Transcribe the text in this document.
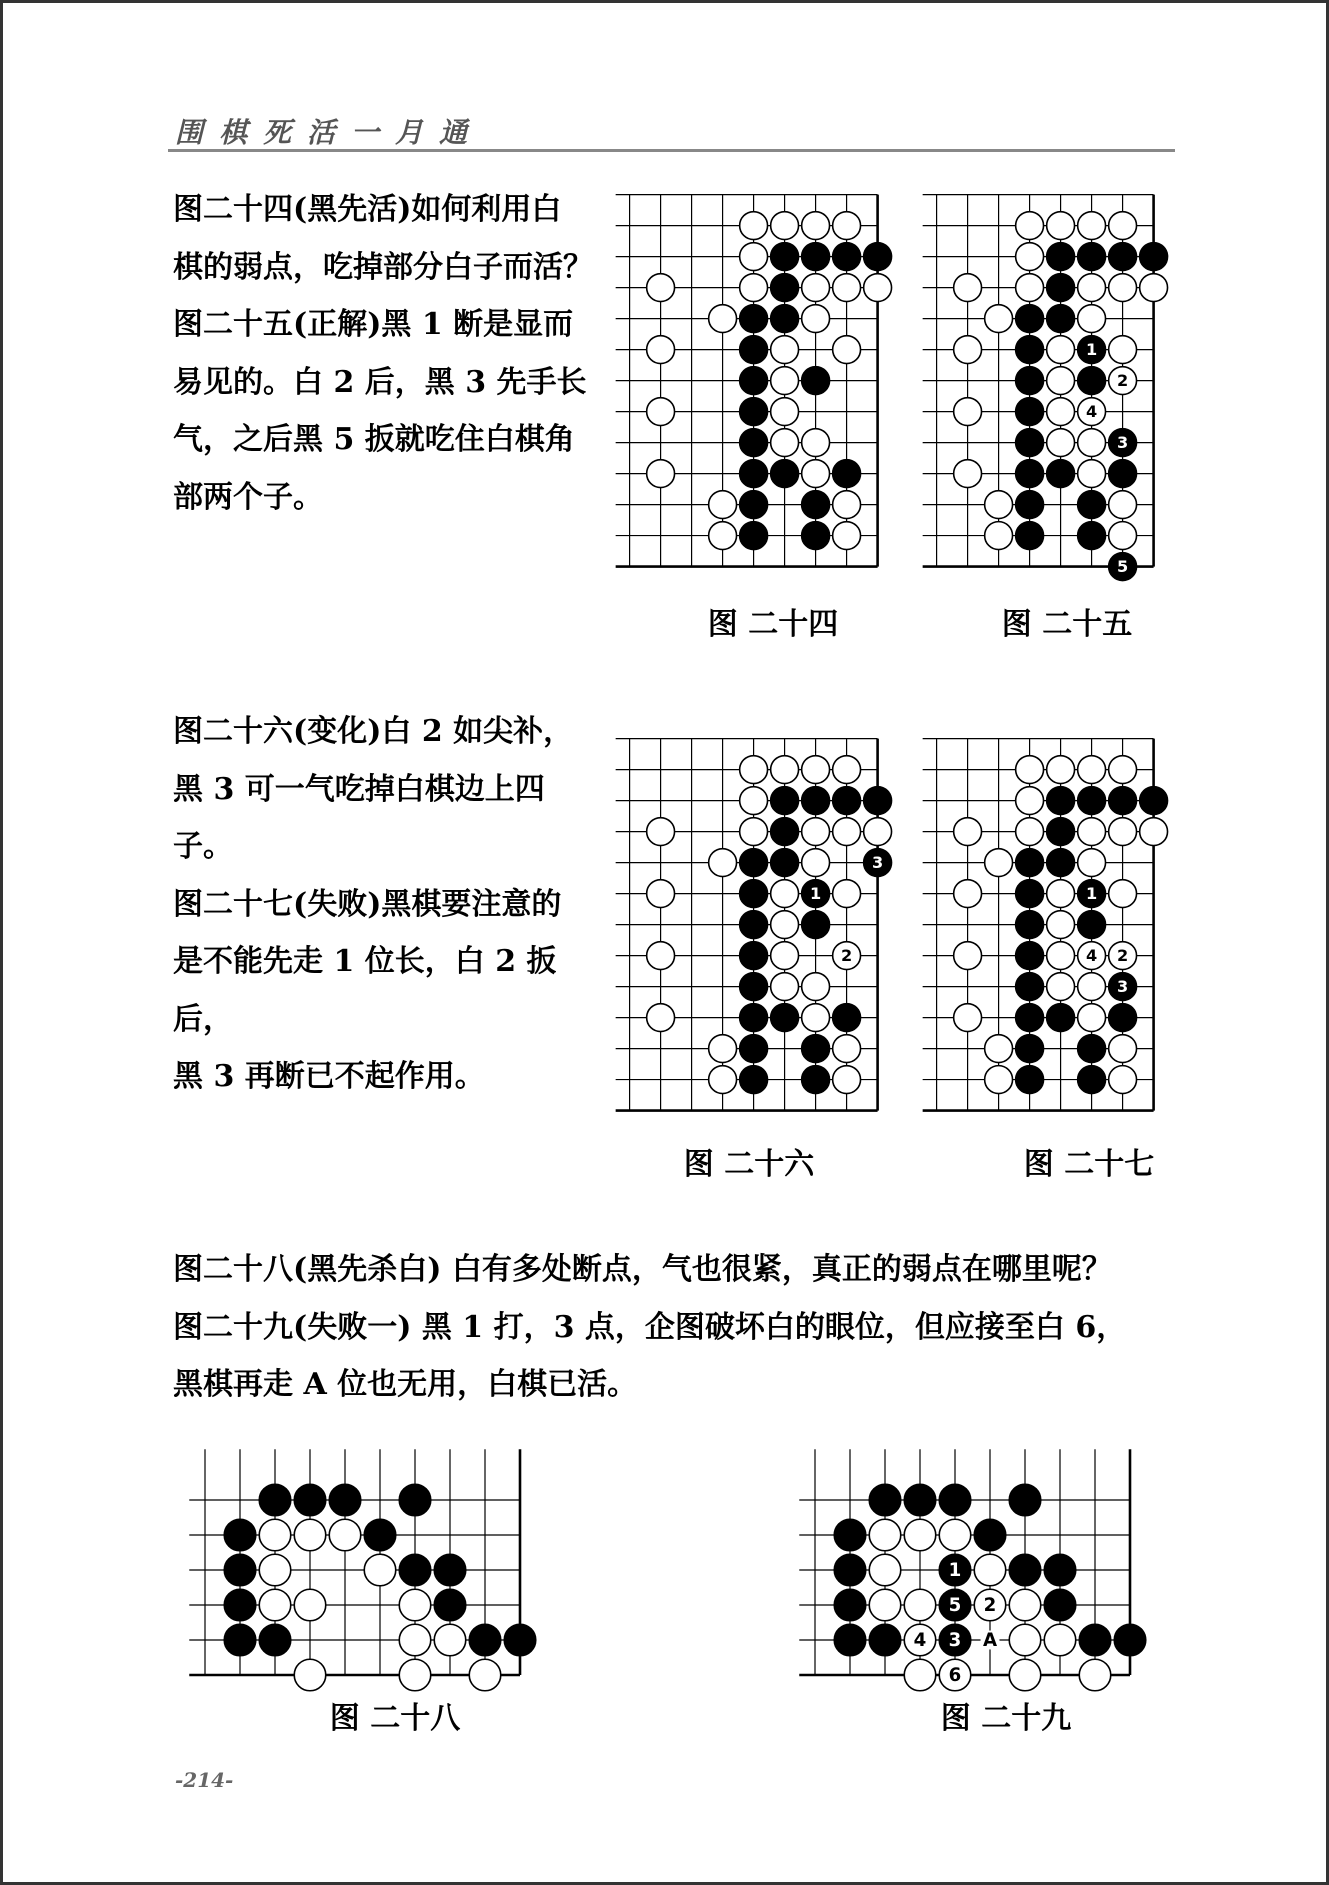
围棋死活一月通

图二十四(黑先活)如何利用白

棋的弱点，吃掉部分白子而活？

图二十五(正解)黑 1 断是显而

易见的。白 2 后，黑 3 先手长

气，之后黑 5 扳就吃住白棋角

部两个子。

图二十六(变化)白 2 如尖补，

黑 3 可一气吃掉白棋边上四

子。

图二十七(失败)黑棋要注意的

是不能先走 1 位长，白 2 扳后，

黑 3 再断已不起作用。

图二十八(黑先杀白) 白有多处断点，气也很紧，真正的弱点在哪里呢？

图二十九(失败一) 黑 1 打，3 点，企图破坏白的眼位，但应接至白 6，

黑棋再走 A 位也无用，白棋已活。

1
2
4
3
5
3
1
2
1
4 2
3
1
5 2
4 3 A
6
图 二十四	图 二十五
图 二十六	图 二十七
图 二十八	图 二十九
-214-
